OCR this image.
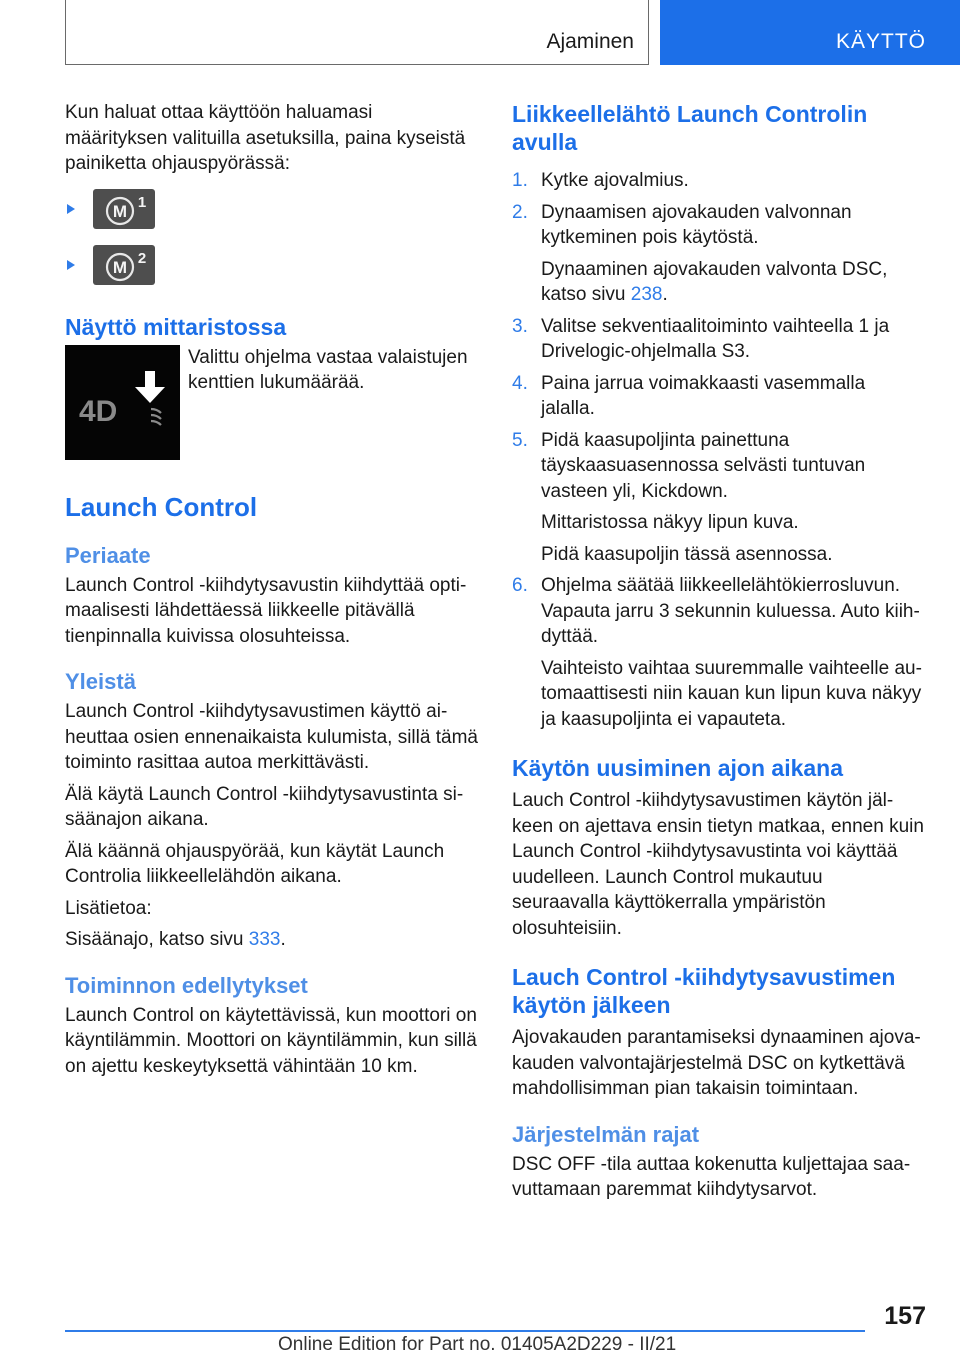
Ajaminen	KÄYTTÖ

Kun haluat ottaa käyttöön haluamasi määrityksen valituilla asetuksilla, paina kyseistä painiketta ohjauspyörässä:

M 1
M 2
Näyttö mittaristossa
4D
Valittu ohjelma vastaa valaistujen kenttien lukumäärää.
Launch Control
Periaate

Launch Control -kiihdytysavustin kiihdyttää optimaalisesti lähdettäessä liikkeelle pitävällä tienpinnalla kuivissa olosuhteissa.

Yleistä

Launch Control -kiihdytysavustimen käyttö aiheuttaa osien ennenaikaista kulumista, sillä tämä toiminto rasittaa autoa merkittävästi.

Älä käytä Launch Control -kiihdytysavustinta sisäänajon aikana.

Älä käännä ohjauspyörää, kun käytät Launch Controlia liikkeellelähdön aikana.

Lisätietoa:

Sisäänajo, katso sivu 333.

Toiminnon edellytykset

Launch Control on käytettävissä, kun moottori on käyntilämmin. Moottori on käyntilämmin, kun sillä on ajettu keskeytyksettä vähintään 10 km.

Liikkeellelähtö Launch Controlin avulla
1. Kytke ajovalmius.

2. Dynaamisen ajovakauden valvonnan kytkeminen pois käytöstä.

Dynaaminen ajovakauden valvonta DSC, katso sivu 238.

3. Valitse sekventiaalitoiminto vaihteella 1 ja Drivelogic-ohjelmalla S3.

4. Paina jarrua voimakkaasti vasemmalla jalalla.

5. Pidä kaasupoljinta painettuna täyskaasuasennossa selvästi tuntuvan vasteen yli, Kickdown.

Mittaristossa näkyy lipun kuva.

Pidä kaasupoljin tässä asennossa.

6. Ohjelma säätää liikkeellelähtökierrosluvun. Vapauta jarru 3 sekunnin kuluessa. Auto kiihdyttää.

Vaihteisto vaihtaa suuremmalle vaihteelle automaattisesti niin kauan kun lipun kuva näkyy ja kaasupoljinta ei vapauteta.

Käytön uusiminen ajon aikana

Lauch Control -kiihdytysavustimen käytön jälkeen on ajettava ensin tietyn matkaa, ennen kuin Launch Control -kiihdytysavustinta voi käyttää uudelleen. Launch Control mukautuu seuraavalla käyttökerralla ympäristön olosuhteisiin.

Lauch Control -kiihdytysavustimen käytön jälkeen

Ajovakauden parantamiseksi dynaaminen ajovakauden valvontajärjestelmä DSC on kytkettävä mahdollisimman pian takaisin toimintaan.

Järjestelmän rajat

DSC OFF -tila auttaa kokenutta kuljettajaa saavuttamaan paremmat kiihdytysarvot.

157
Online Edition for Part no. 01405A2D229 - II/21
